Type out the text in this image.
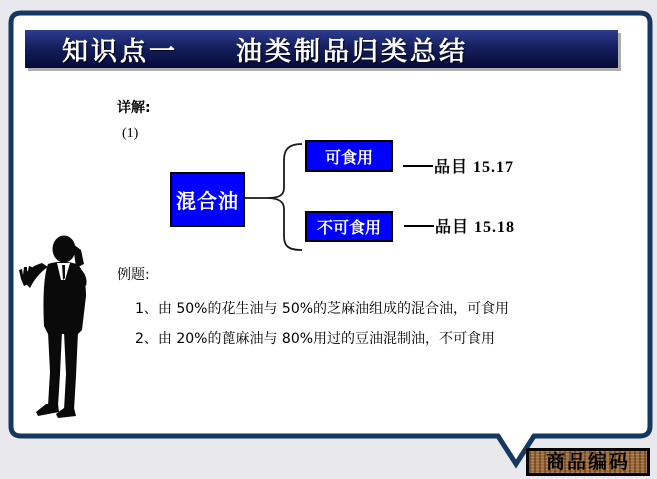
知识点一　　油类制品归类总结
详解:
(1)
混合油
可食用
不可食用
品目 15.17
品目 15.18
例题:
1、由 50%的花生油与 50%的芝麻油组成的混合油，可食用
2、由 20%的蓖麻油与 80%用过的豆油混制油，不可食用
商品编码
